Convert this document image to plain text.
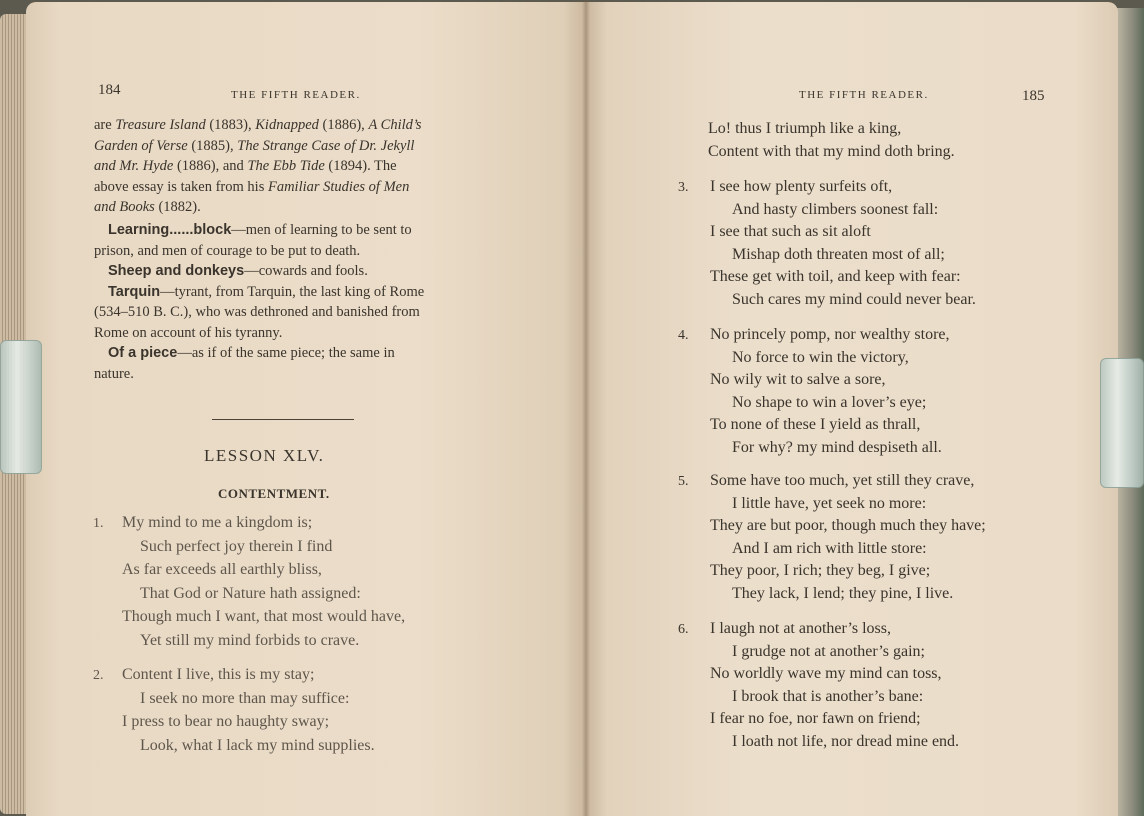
184	THE FIFTH READER.
are Treasure Island (1883), Kidnapped (1886), A Child’s
Garden of Verse (1885), The Strange Case of Dr. Jekyll
and Mr. Hyde (1886), and The Ebb Tide (1894). The
above essay is taken from his Familiar Studies of Men
and Books (1882).
Learning......block—men of learning to be sent to
prison, and men of courage to be put to death.
Sheep and donkeys—cowards and fools.
Tarquin—tyrant, from Tarquin, the last king of Rome
(534–510 B. C.), who was dethroned and banished from
Rome on account of his tyranny.
Of a piece—as if of the same piece; the same in
nature.
LESSON XLV.
CONTENTMENT.
1. My mind to me a kingdom is;
Such perfect joy therein I find
As far exceeds all earthly bliss,
That God or Nature hath assigned:
Though much I want, that most would have,
Yet still my mind forbids to crave.
2. Content I live, this is my stay;
I seek no more than may suffice:
I press to bear no haughty sway;
Look, what I lack my mind supplies.
THE FIFTH READER.	185
Lo! thus I triumph like a king,
Content with that my mind doth bring.
3. I see how plenty surfeits oft,
And hasty climbers soonest fall:
I see that such as sit aloft
Mishap doth threaten most of all;
These get with toil, and keep with fear:
Such cares my mind could never bear.
4. No princely pomp, nor wealthy store,
No force to win the victory,
No wily wit to salve a sore,
No shape to win a lover’s eye;
To none of these I yield as thrall,
For why? my mind despiseth all.
5. Some have too much, yet still they crave,
I little have, yet seek no more:
They are but poor, though much they have;
And I am rich with little store:
They poor, I rich; they beg, I give;
They lack, I lend; they pine, I live.
6. I laugh not at another’s loss,
I grudge not at another’s gain;
No worldly wave my mind can toss,
I brook that is another’s bane:
I fear no foe, nor fawn on friend;
I loath not life, nor dread mine end.
